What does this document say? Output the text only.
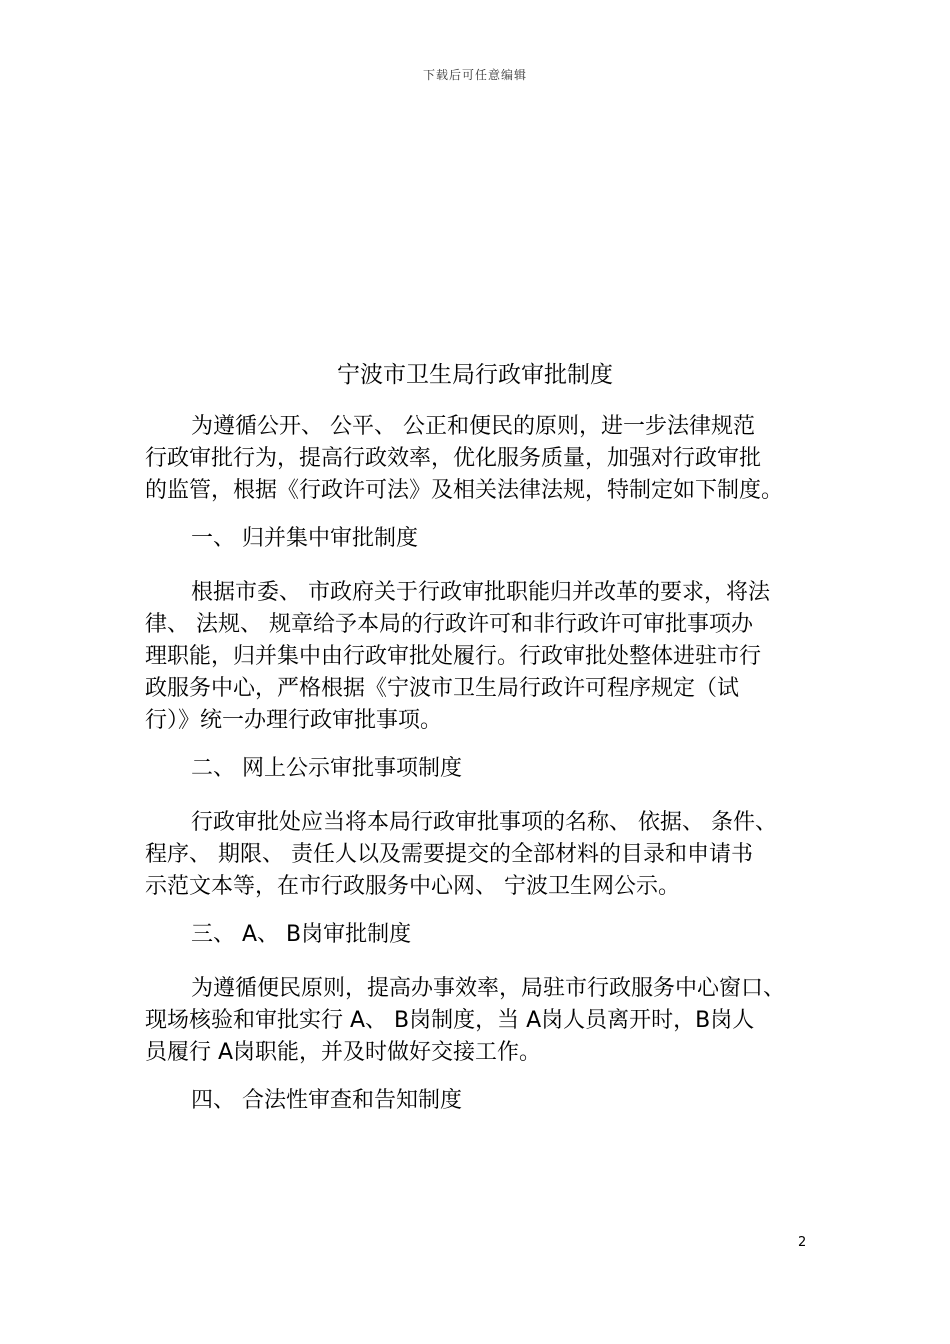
下载后可任意编辑
宁波市卫生局行政审批制度

为遵循公开、 公平、 公正和便民的原则，进一步法律规范
行政审批行为，提高行政效率，优化服务质量，加强对行政审批
的监管，根据《行政许可法》及相关法律法规，特制定如下制度。

一、 归并集中审批制度

根据市委、 市政府关于行政审批职能归并改革的要求，将法
律、 法规、 规章给予本局的行政许可和非行政许可审批事项办
理职能，归并集中由行政审批处履行。行政审批处整体进驻市行
政服务中心，严格根据《宁波市卫生局行政许可程序规定（试
行）》统一办理行政审批事项。

二、 网上公示审批事项制度

行政审批处应当将本局行政审批事项的名称、 依据、 条件、
程序、 期限、 责任人以及需要提交的全部材料的目录和申请书
示范文本等，在市行政服务中心网、 宁波卫生网公示。

三、 A、 B岗审批制度

为遵循便民原则，提高办事效率，局驻市行政服务中心窗口、
现场核验和审批实行 A、 B岗制度，当 A岗人员离开时，B岗人
员履行 A岗职能，并及时做好交接工作。

四、 合法性审查和告知制度
2
